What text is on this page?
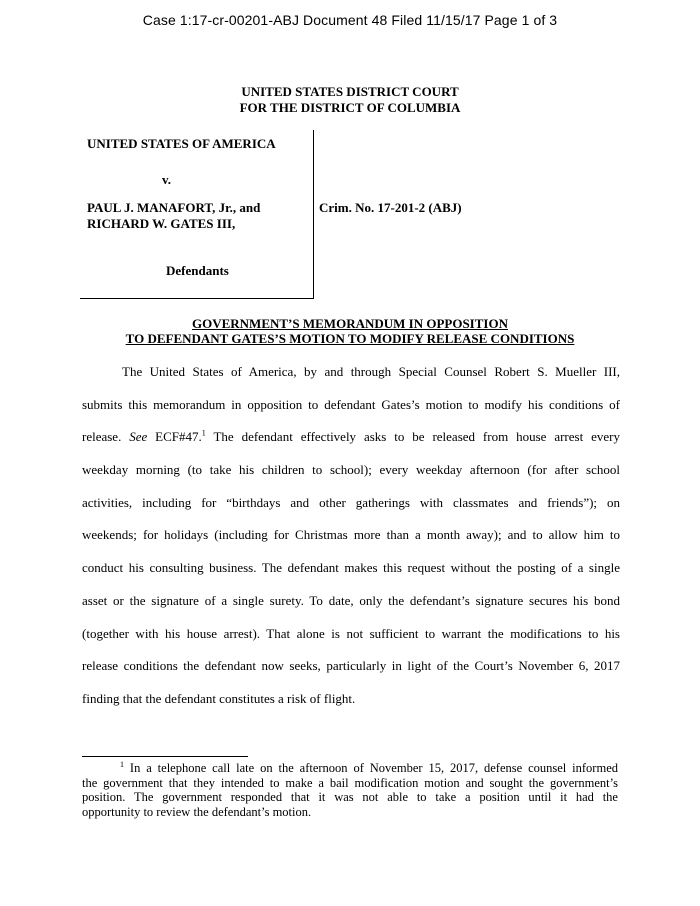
Case 1:17-cr-00201-ABJ Document 48 Filed 11/15/17 Page 1 of 3
UNITED STATES DISTRICT COURT
FOR THE DISTRICT OF COLUMBIA
UNITED STATES OF AMERICA
v.
PAUL J. MANAFORT, Jr., and
RICHARD W. GATES III,
Defendants
Crim. No. 17-201-2 (ABJ)
GOVERNMENT’S MEMORANDUM IN OPPOSITION
TO DEFENDANT GATES’S MOTION TO MODIFY RELEASE CONDITIONS
The United States of America, by and through Special Counsel Robert S. Mueller III,
submits this memorandum in opposition to defendant Gates’s motion to modify his conditions of
release. See ECF#47.$^1$ The defendant effectively asks to be released from house arrest every
weekday morning (to take his children to school); every weekday afternoon (for after school
activities, including for “birthdays and other gatherings with classmates and friends”); on
weekends; for holidays (including for Christmas more than a month away); and to allow him to
conduct his consulting business. The defendant makes this request without the posting of a single
asset or the signature of a single surety. To date, only the defendant’s signature secures his bond
(together with his house arrest). That alone is not sufficient to warrant the modifications to his
release conditions the defendant now seeks, particularly in light of the Court’s November 6, 2017
finding that the defendant constitutes a risk of flight.
$^1$ In a telephone call late on the afternoon of November 15, 2017, defense counsel informed
the government that they intended to make a bail modification motion and sought the government’s
position. The government responded that it was not able to take a position until it had the
opportunity to review the defendant’s motion.
